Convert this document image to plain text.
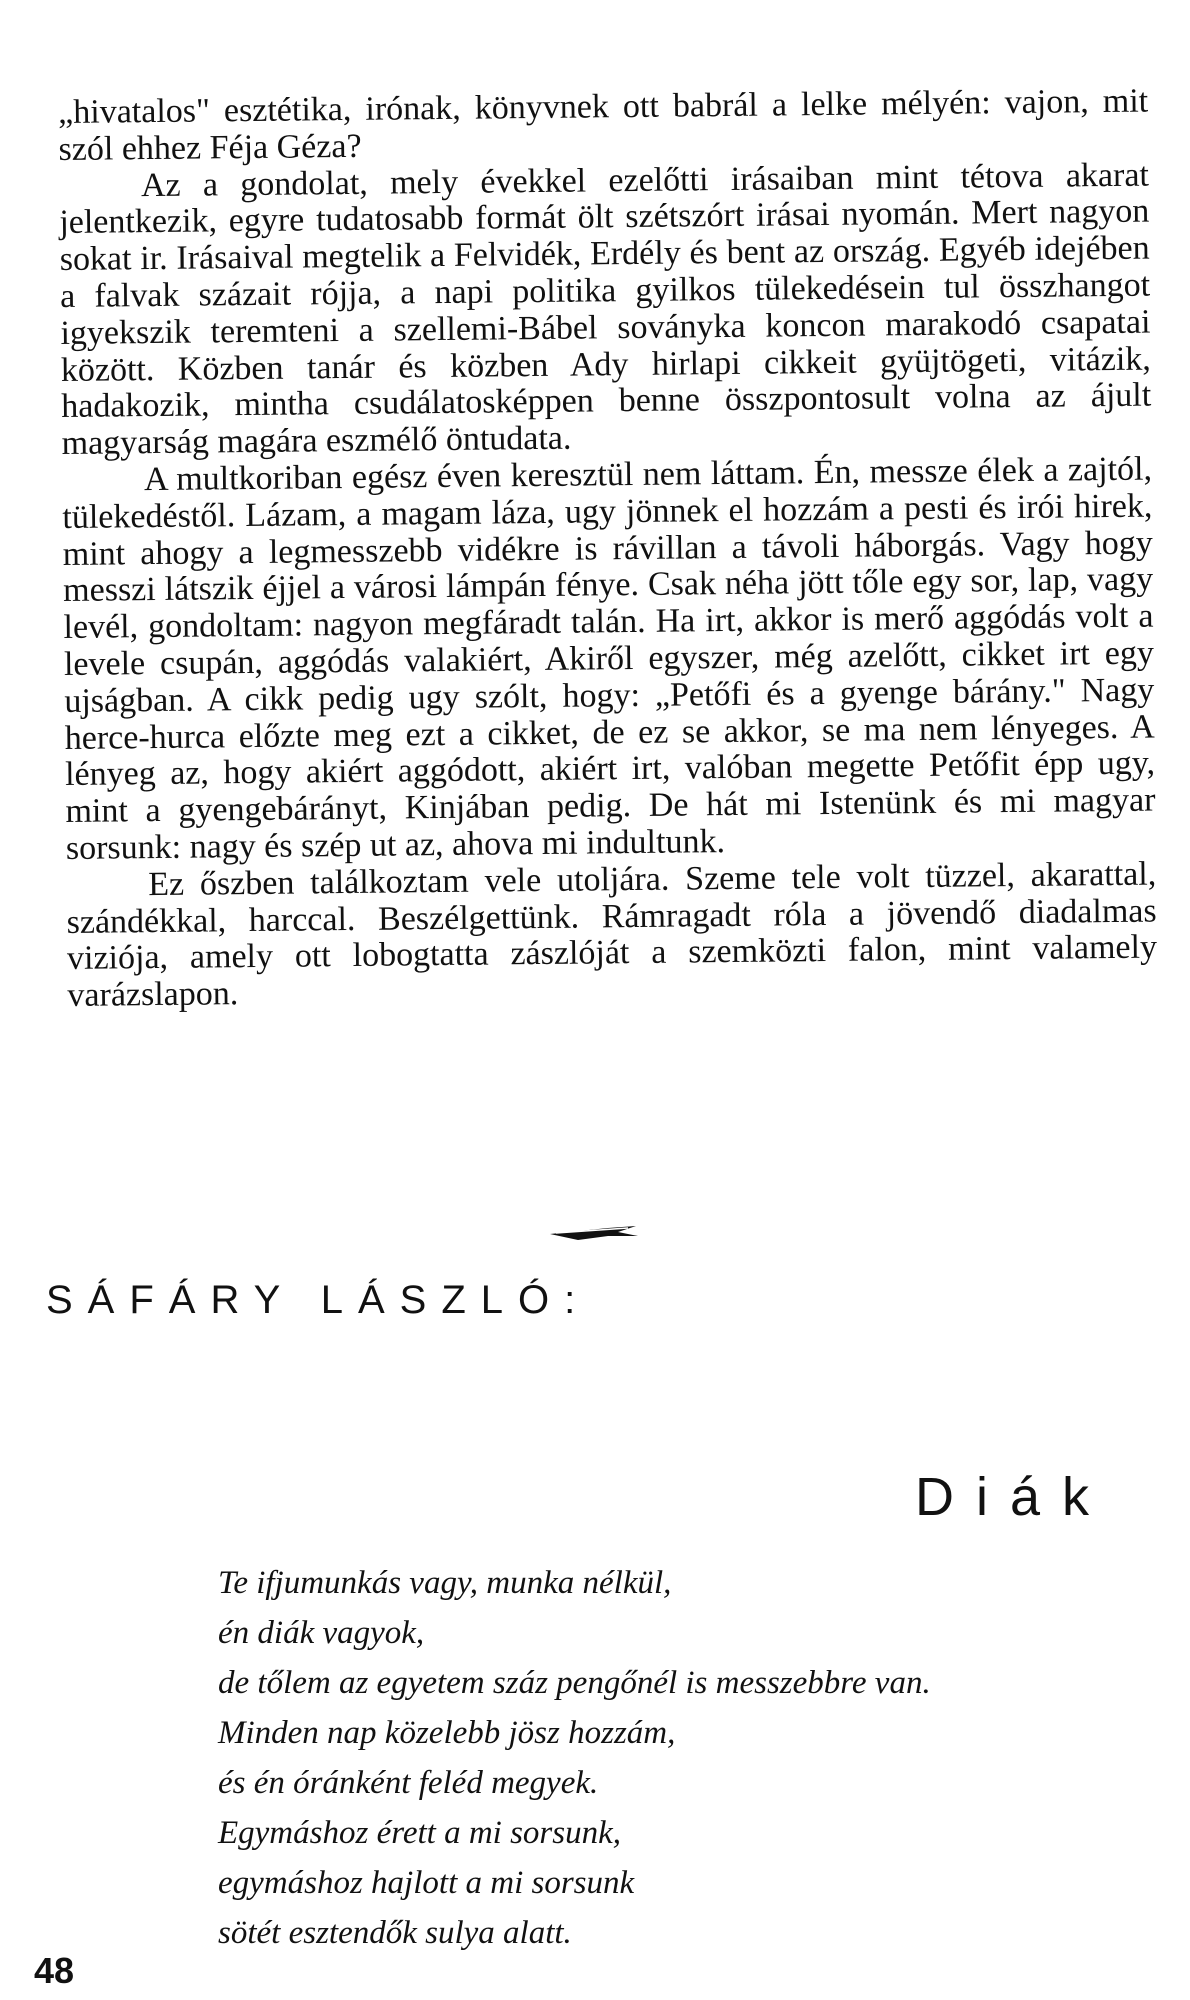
„hivatalos" esztétika, irónak, könyvnek ott babrál a lelke mélyén: vajon, mit szól ehhez Féja Géza?

Az a gondolat, mely évekkel ezelőtti irásaiban mint tétova akarat jelentkezik, egyre tudatosabb formát ölt szétszórt irásai nyomán. Mert nagyon sokat ir. Irásaival megtelik a Felvidék, Erdély és bent az ország. Egyéb idejében a falvak százait rójja, a napi politika gyilkos tülekedésein tul összhangot igyekszik teremteni a szellemi-Bábel soványka koncon marakodó csapatai között. Közben tanár és közben Ady hirlapi cikkeit gyüjtögeti, vitázik, hadakozik, mintha csudálatosképpen benne összpontosult volna az ájult magyarság magára eszmélő öntudata.

A multkoriban egész éven keresztül nem láttam. Én, messze élek a zajtól, tülekedéstől. Lázam, a magam láza, ugy jönnek el hozzám a pesti és irói hirek, mint ahogy a legmesszebb vidékre is rávillan a távoli háborgás. Vagy hogy messzi látszik éjjel a városi lámpán fénye. Csak néha jött tőle egy sor, lap, vagy levél, gondoltam: nagyon megfáradt talán. Ha irt, akkor is merő aggódás volt a levele csupán, aggódás valakiért, Akiről egyszer, még azelőtt, cikket irt egy ujságban. A cikk pedig ugy szólt, hogy: „Petőfi és a gyenge bárány." Nagy herce-hurca előzte meg ezt a cikket, de ez se akkor, se ma nem lényeges. A lényeg az, hogy akiért aggódott, akiért irt, valóban megette Petőfit épp ugy, mint a gyengebárányt, Kinjában pedig. De hát mi Istenünk és mi magyar sorsunk: nagy és szép ut az, ahova mi indultunk.

Ez őszben találkoztam vele utoljára. Szeme tele volt tüzzel, akarattal, szándékkal, harccal. Beszélgettünk. Rámragadt róla a jövendő diadalmas viziója, amely ott lobogtatta zászlóját a szemközti falon, mint valamely varázslapon.

SÁFÁRY LÁSZLÓ:
Diák
Te ifjumunkás vagy, munka nélkül,
én diák vagyok,
de tőlem az egyetem száz pengőnél is messzebbre van.
Minden nap közelebb jösz hozzám,
és én óránként feléd megyek.
Egymáshoz érett a mi sorsunk,
egymáshoz hajlott a mi sorsunk
sötét esztendők sulya alatt.
48
